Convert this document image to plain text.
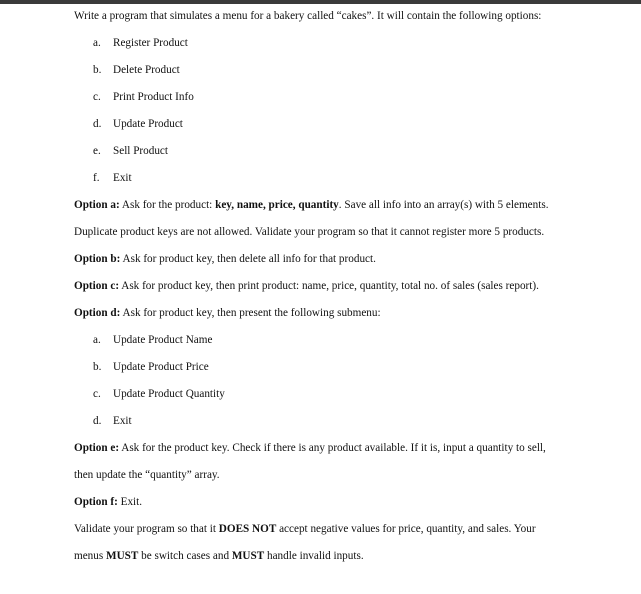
Write a program that simulates a menu for a bakery called “cakes”. It will contain the following options:
a. Register Product
b. Delete Product
c. Print Product Info
d. Update Product
e. Sell Product
f. Exit
Option a: Ask for the product: key, name, price, quantity. Save all info into an array(s) with 5 elements.
Duplicate product keys are not allowed. Validate your program so that it cannot register more 5 products.
Option b: Ask for product key, then delete all info for that product.
Option c: Ask for product key, then print product: name, price, quantity, total no. of sales (sales report).
Option d: Ask for product key, then present the following submenu:
a. Update Product Name
b. Update Product Price
c. Update Product Quantity
d. Exit
Option e: Ask for the product key. Check if there is any product available. If it is, input a quantity to sell,
then update the “quantity” array.
Option f: Exit.
Validate your program so that it DOES NOT accept negative values for price, quantity, and sales. Your
menus MUST be switch cases and MUST handle invalid inputs.
